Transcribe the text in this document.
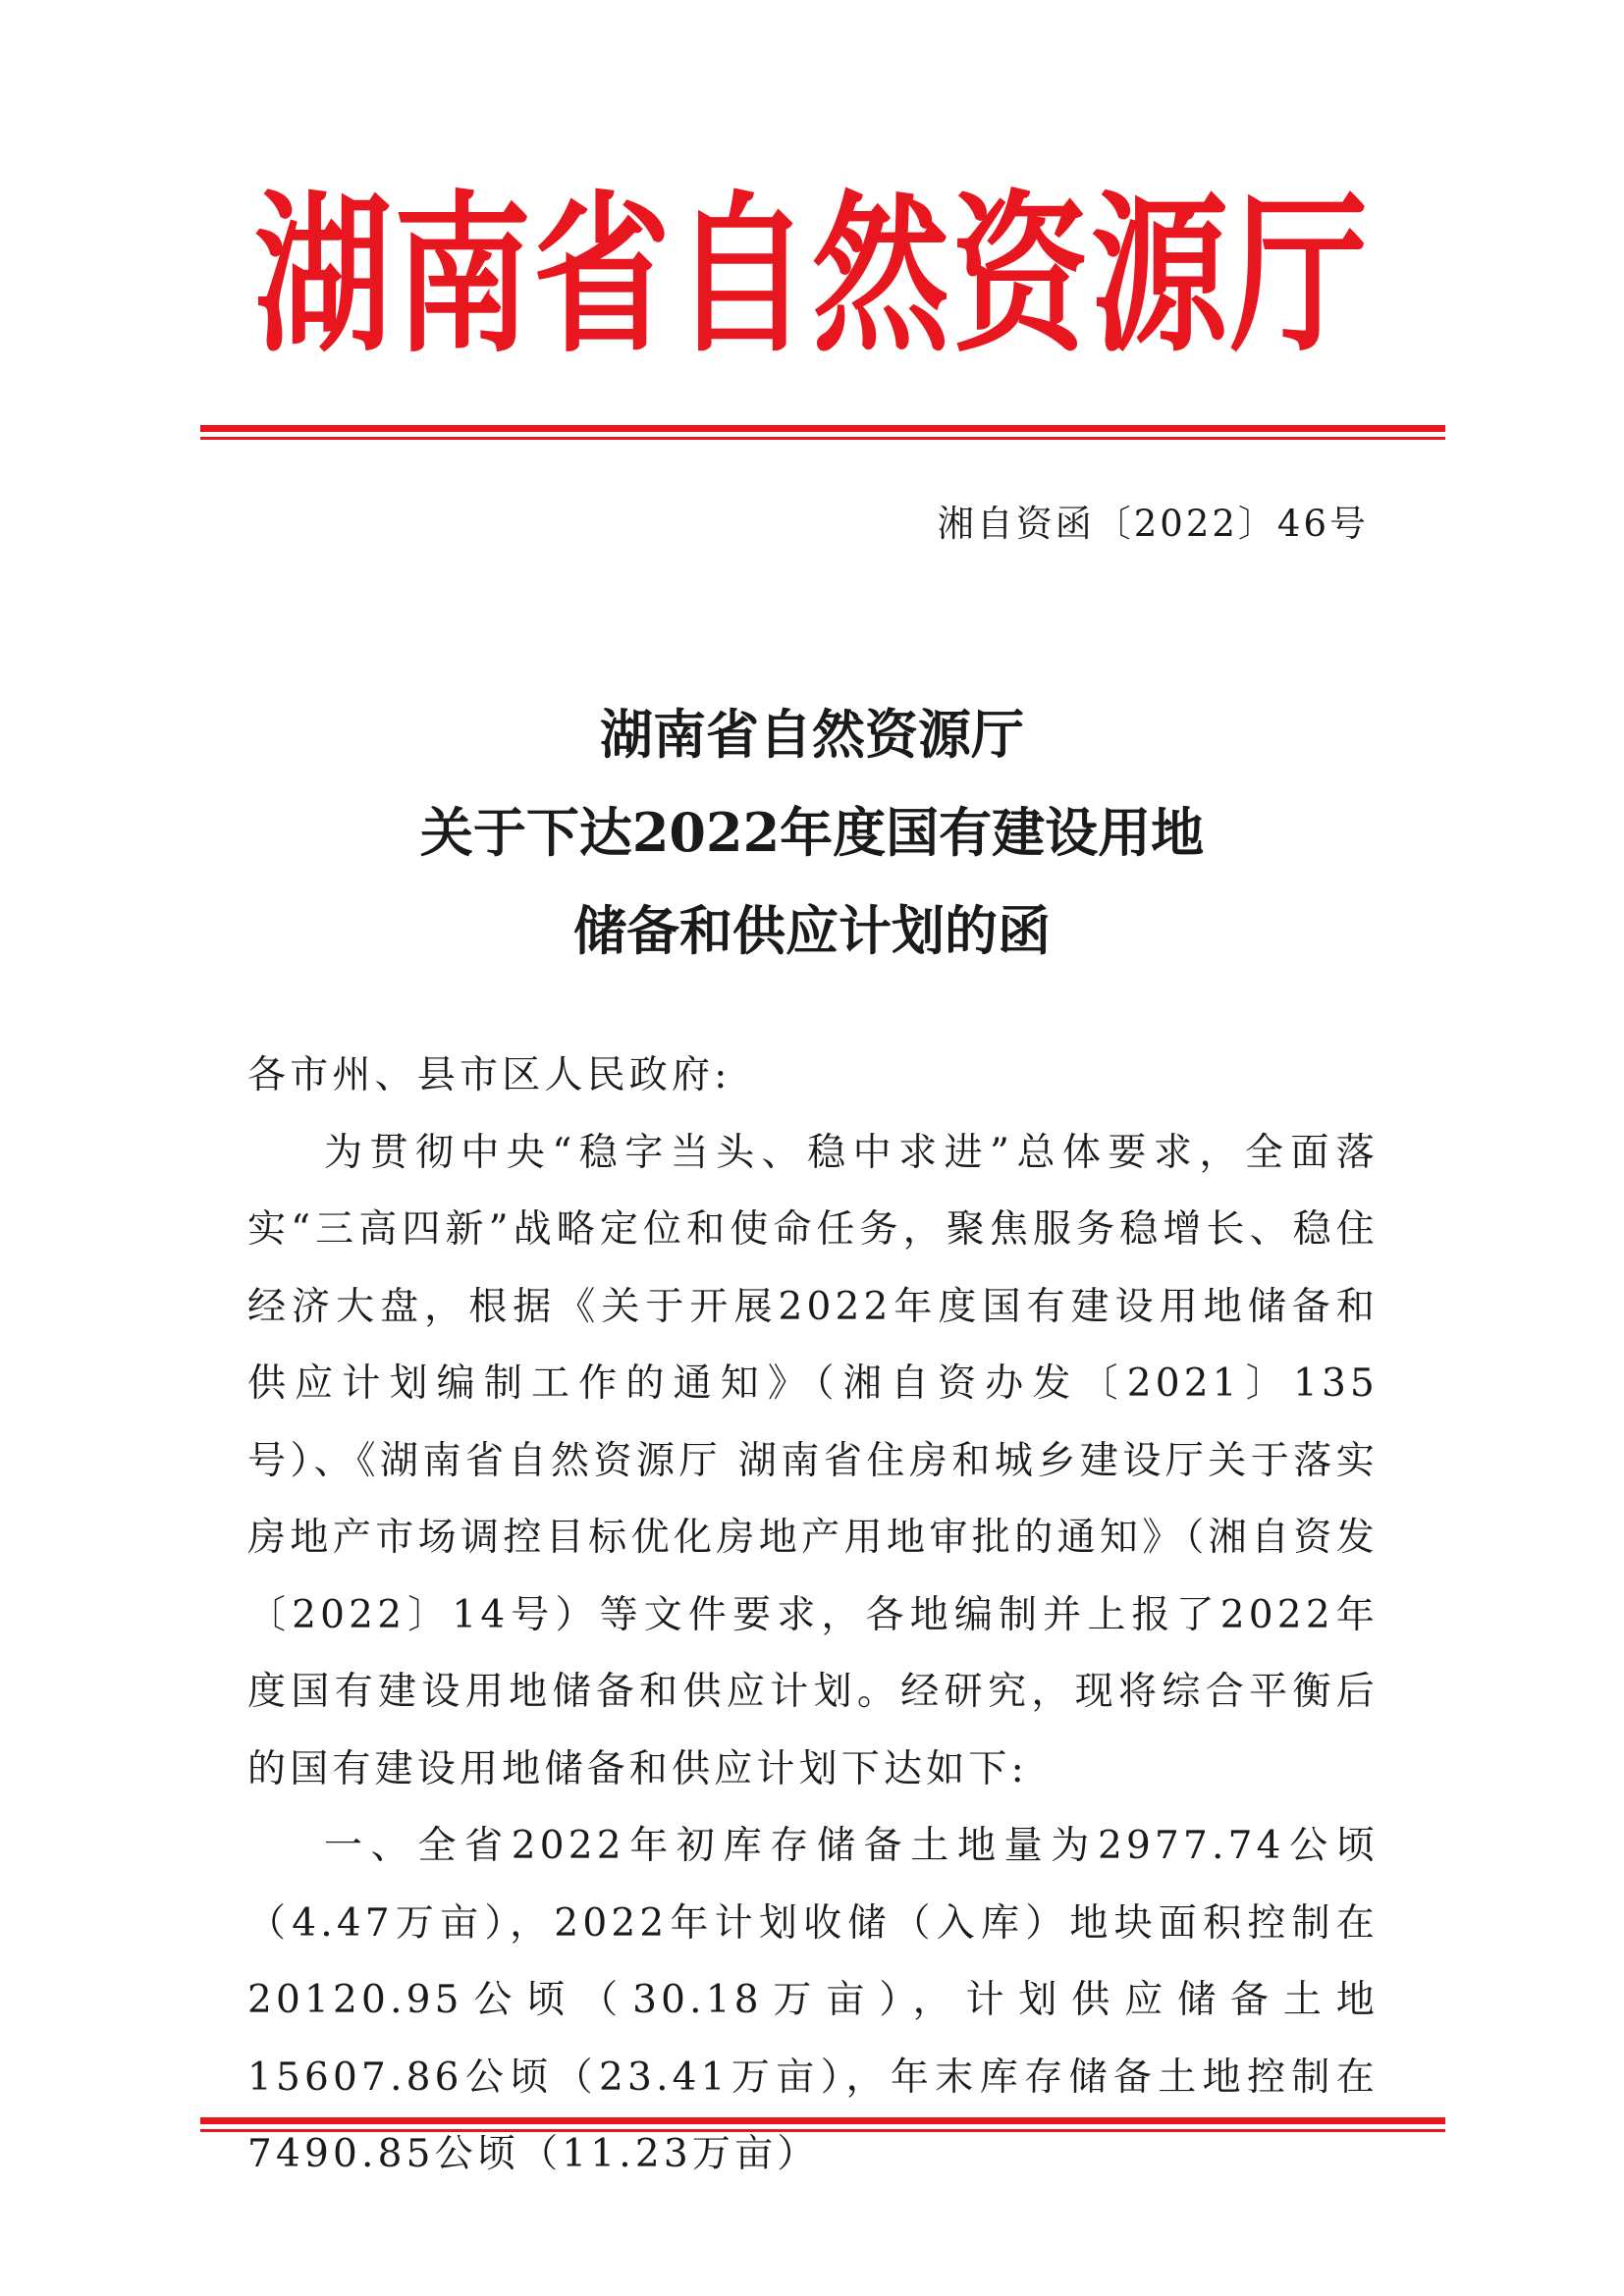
湖南省自然资源厅
湘自资函〔2022〕46号
湖南省自然资源厅
关于下达2022年度国有建设用地
储备和供应计划的函

各市州、县市区人民政府:

为贯彻中央“稳字当头、稳中求进”总体要求，全面落实“三高四新”战略定位和使命任务，聚焦服务稳增长、稳住经济大盘，根据《关于开展2022年度国有建设用地储备和供应计划编制工作的通知》（湘自资办发〔2021〕135号）、《湖南省自然资源厅 湖南省住房和城乡建设厅关于落实房地产市场调控目标优化房地产用地审批的通知》（湘自资发〔2022〕14号）等文件要求，各地编制并上报了2022年度国有建设用地储备和供应计划。经研究，现将综合平衡后的国有建设用地储备和供应计划下达如下:

一、全省2022年初库存储备土地量为2977.74公顷（4.47万亩），2022年计划收储（入库）地块面积控制在20120.95公顷（30.18万亩），计划供应储备土地15607.86公顷（23.41万亩），年末库存储备土地控制在7490.85公顷（11.23万亩）
